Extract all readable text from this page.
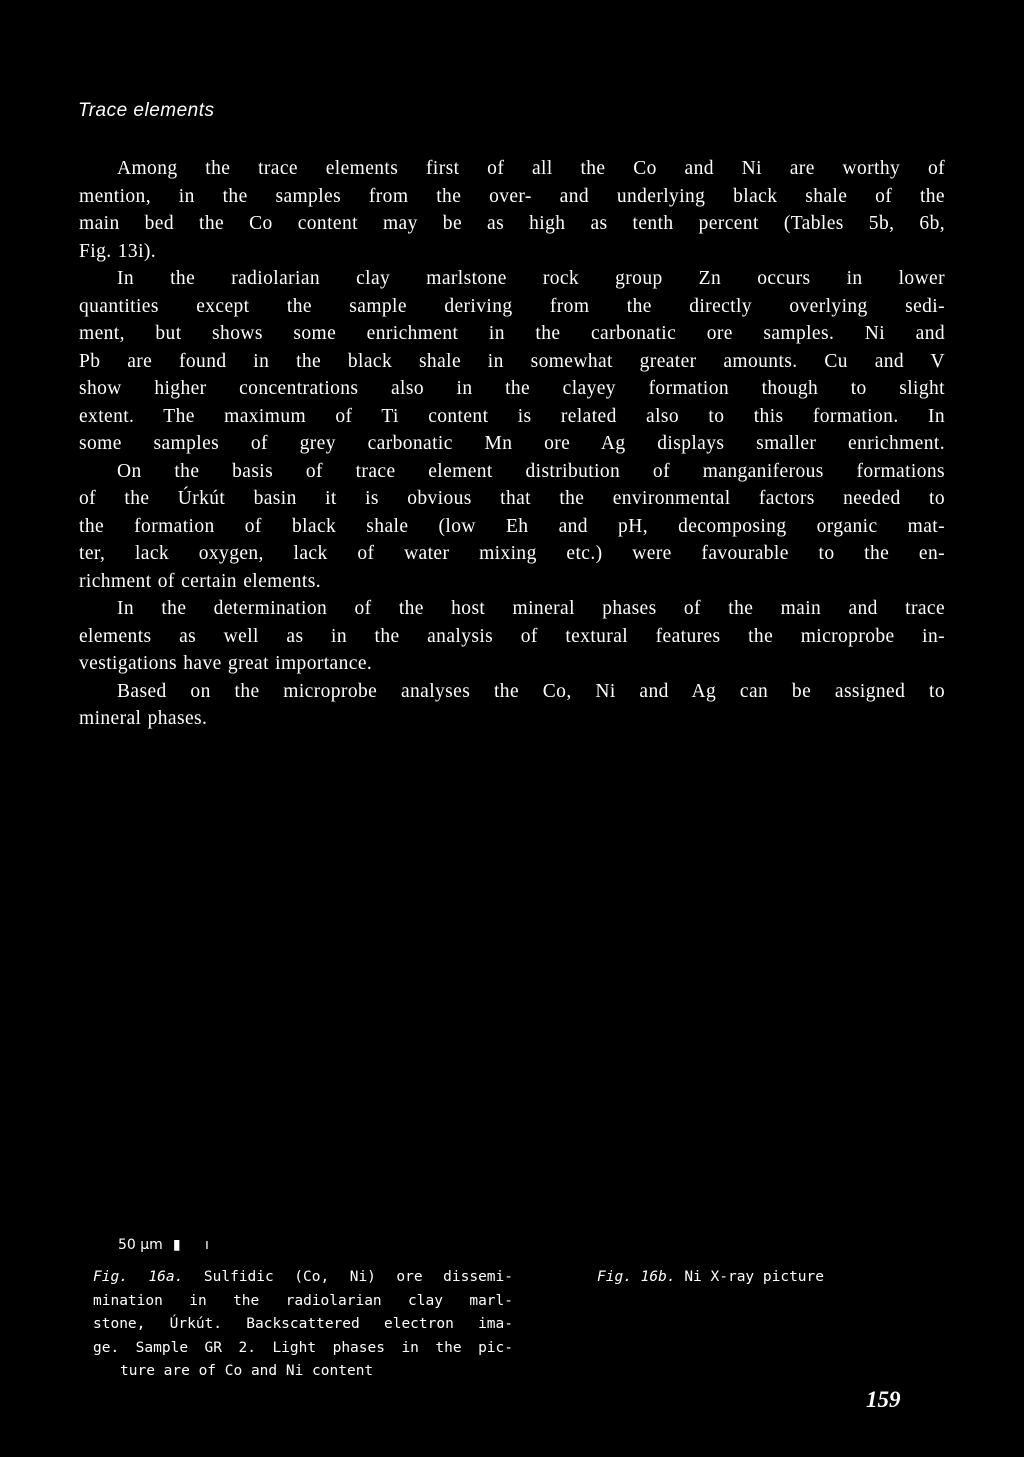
Trace elements
Among the trace elements first of all the Co and Ni are worthy of
mention, in the samples from the over- and underlying black shale of the
main bed the Co content may be as high as tenth percent (Tables 5b, 6b,
Fig. 13i).
In the radiolarian clay marlstone rock group Zn occurs in lower
quantities except the sample deriving from the directly overlying sedi-
ment, but shows some enrichment in the carbonatic ore samples. Ni and
Pb are found in the black shale in somewhat greater amounts. Cu and V
show higher concentrations also in the clayey formation though to slight
extent. The maximum of Ti content is related also to this formation. In
some samples of grey carbonatic Mn ore Ag displays smaller enrichment.
On the basis of trace element distribution of manganiferous formations
of the Úrkút basin it is obvious that the environmental factors needed to
the formation of black shale (low Eh and pH, decomposing organic mat-
ter, lack oxygen, lack of water mixing etc.) were favourable to the en-
richment of certain elements.
In the determination of the host mineral phases of the main and trace
elements as well as in the analysis of textural features the microprobe in-
vestigations have great importance.
Based on the microprobe analyses the Co, Ni and Ag can be assigned to
mineral phases.
50 µm ▮ ı
Fig. 16a. Sulfidic (Co, Ni) ore dissemi-
mination in the radiolarian clay marl-
stone, Úrkút. Backscattered electron ima-
ge. Sample GR 2. Light phases in the pic-
ture are of Co and Ni content
Fig. 16b. Ni X-ray picture
159
